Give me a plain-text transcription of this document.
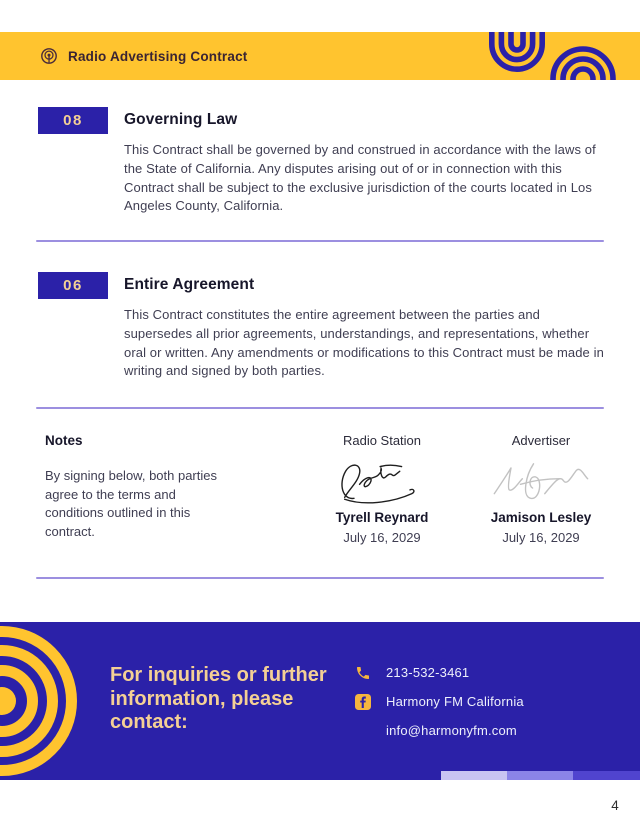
Radio Advertising Contract
08	Governing Law
This Contract shall be governed by and construed in accordance with the laws of the State of California. Any disputes arising out of or in connection with this Contract shall be subject to the exclusive jurisdiction of the courts located in Los Angeles County, California.
06	Entire Agreement
This Contract constitutes the entire agreement between the parties and supersedes all prior agreements, understandings, and representations, whether oral or written. Any amendments or modifications to this Contract must be made in writing and signed by both parties.
Notes
By signing below, both parties agree to the terms and conditions outlined in this contract.
Radio Station
Tyrell Reynard
July 16, 2029
Advertiser
Jamison Lesley
July 16, 2029
For inquiries or further information, please contact:
213-532-3461
Harmony FM California
info@harmonyfm.com
4
